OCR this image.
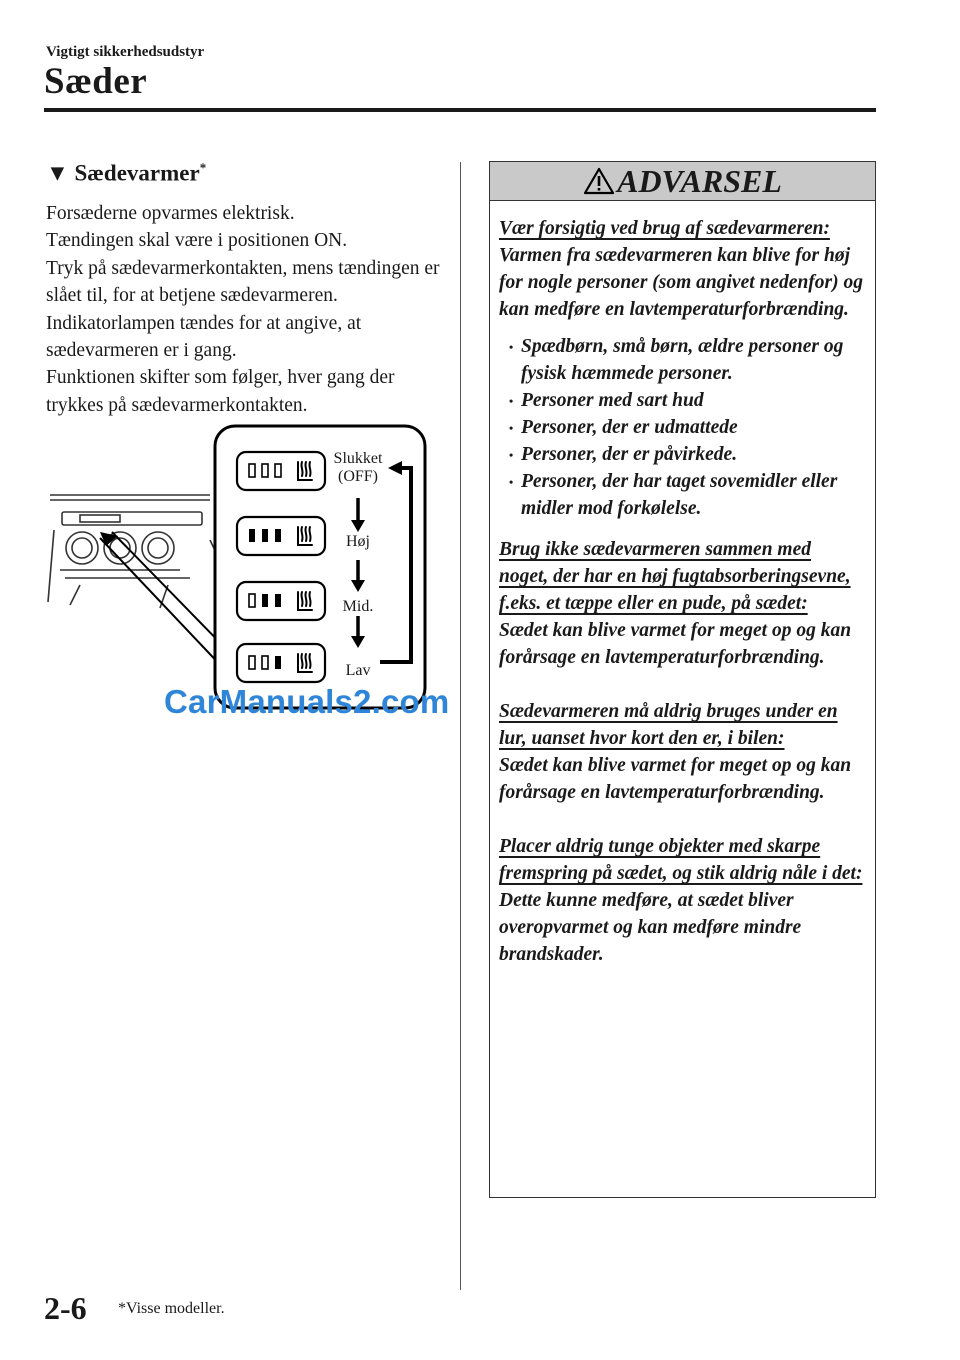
Vigtigt sikkerhedsudstyr
Sæder
▼ Sædevarmer*

Forsæderne opvarmes elektrisk.

Tændingen skal være i positionen ON.

Tryk på sædevarmerkontakten, mens tændingen er slået til, for at betjene sædevarmeren. Indikatorlampen tændes for at angive, at sædevarmeren er i gang.

Funktionen skifter som følger, hver gang der trykkes på sædevarmerkontakten.

Slukket
(OFF)
Høj
Mid.
Lav
CarManuals2.com
ADVARSEL

Vær forsigtig ved brug af sædevarmeren:

Varmen fra sædevarmeren kan blive for høj for nogle personer (som angivet nedenfor) og kan medføre en lavtemperaturforbrænding.

• Spædbørn, små børn, ældre personer og fysisk hæmmede personer.
• Personer med sart hud
• Personer, der er udmattede
• Personer, der er påvirkede.
• Personer, der har taget sovemidler eller midler mod forkølelse.

Brug ikke sædevarmeren sammen med noget, der har en høj fugtabsorberingsevne, f.eks. et tæppe eller en pude, på sædet:

Sædet kan blive varmet for meget op og kan forårsage en lavtemperaturforbrænding.

Sædevarmeren må aldrig bruges under en lur, uanset hvor kort den er, i bilen:

Sædet kan blive varmet for meget op og kan forårsage en lavtemperaturforbrænding.

Placer aldrig tunge objekter med skarpe fremspring på sædet, og stik aldrig nåle i det:

Dette kunne medføre, at sædet bliver overopvarmet og kan medføre mindre brandskader.

2-6 *Visse modeller.
